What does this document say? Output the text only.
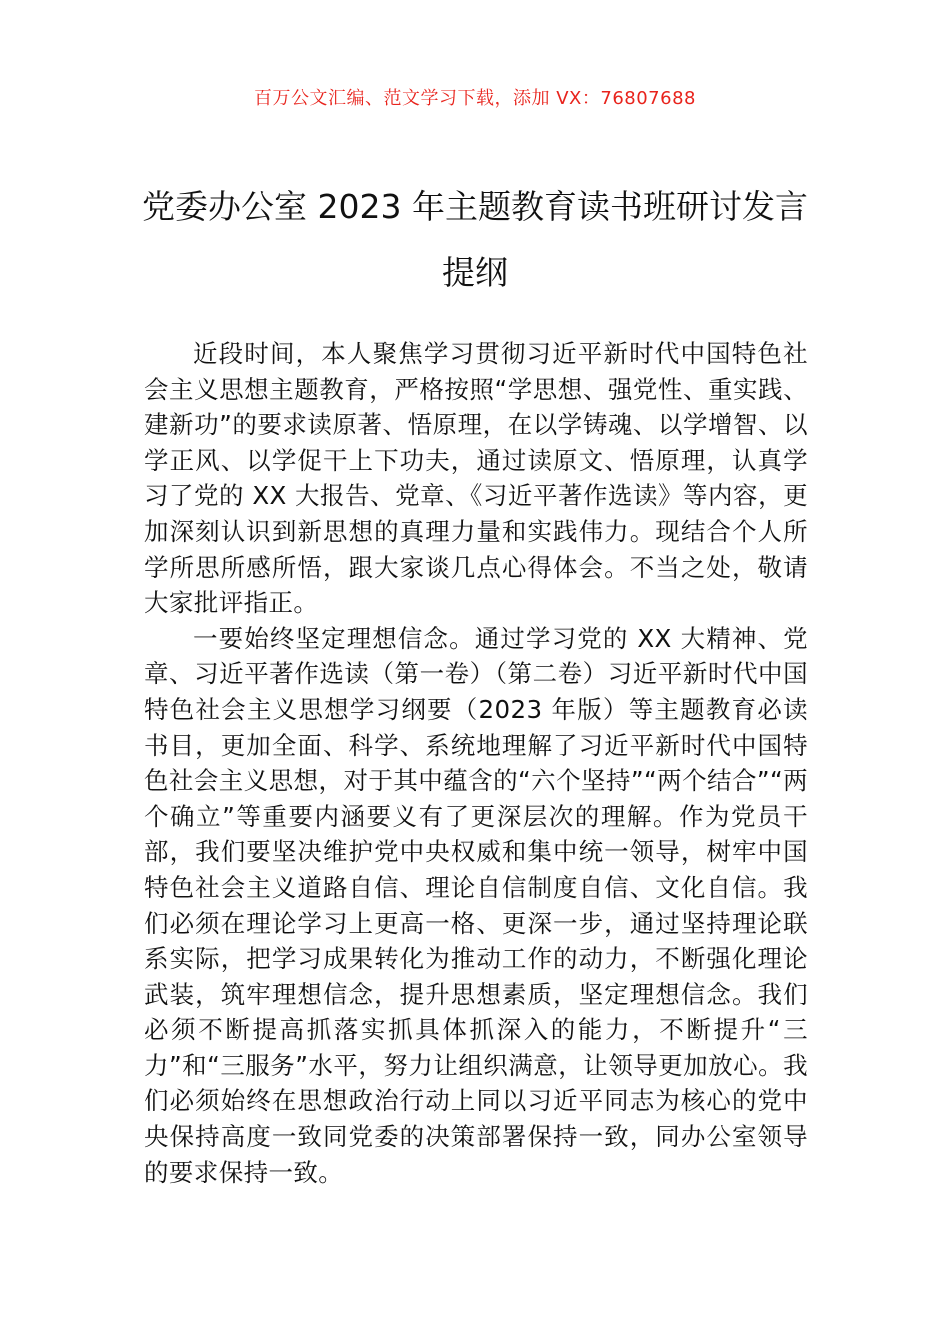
百万公文汇编、范文学习下载，添加 VX：76807688
党委办公室 2023 年主题教育读书班研讨发言提纲

近段时间，本人聚焦学习贯彻习近平新时代中国特色社会主义思想主题教育，严格按照“学思想、强党性、重实践、建新功”的要求读原著、悟原理，在以学铸魂、以学增智、以学正风、以学促干上下功夫，通过读原文、悟原理，认真学习了党的 XX 大报告、党章、《习近平著作选读》等内容，更加深刻认识到新思想的真理力量和实践伟力。现结合个人所学所思所感所悟，跟大家谈几点心得体会。不当之处，敬请大家批评指正。

一要始终坚定理想信念。通过学习党的 XX 大精神、党章、习近平著作选读（第一卷）（第二卷）习近平新时代中国特色社会主义思想学习纲要（2023 年版）等主题教育必读书目，更加全面、科学、系统地理解了习近平新时代中国特色社会主义思想，对于其中蕴含的“六个坚持”“两个结合”“两个确立”等重要内涵要义有了更深层次的理解。作为党员干部，我们要坚决维护党中央权威和集中统一领导，树牢中国特色社会主义道路自信、理论自信制度自信、文化自信。我们必须在理论学习上更高一格、更深一步，通过坚持理论联系实际，把学习成果转化为推动工作的动力，不断强化理论武装，筑牢理想信念，提升思想素质，坚定理想信念。我们必须不断提高抓落实抓具体抓深入的能力，不断提升“三力”和“三服务”水平，努力让组织满意，让领导更加放心。我们必须始终在思想政治行动上同以习近平同志为核心的党中央保持高度一致同党委的决策部署保持一致，同办公室领导的要求保持一致。
